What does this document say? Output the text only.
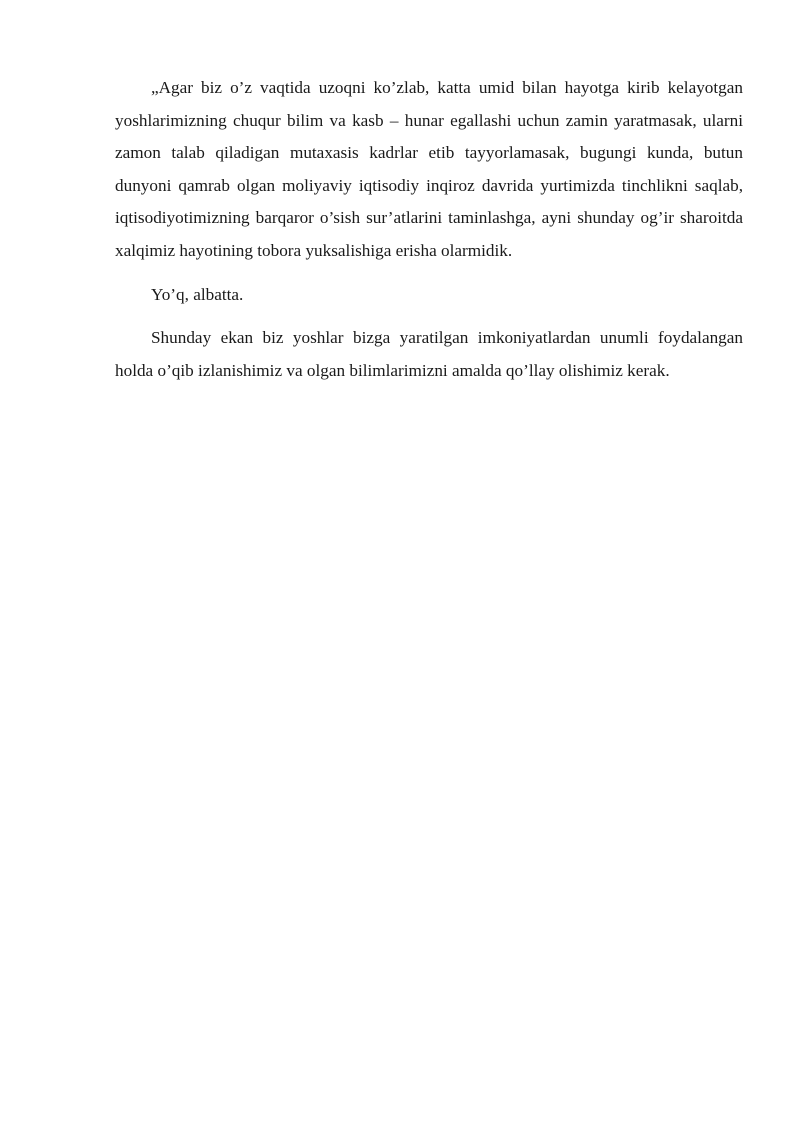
„Agar biz o’z vaqtida uzoqni ko’zlab, katta umid bilan hayotga kirib kelayotgan yoshlarimizning chuqur bilim va kasb – hunar egallashi uchun zamin yaratmasak, ularni zamon talab qiladigan mutaxasis kadrlar etib tayyorlamasak, bugungi kunda, butun dunyoni qamrab olgan moliyaviy iqtisodiy inqiroz davrida yurtimizda tinchlikni saqlab, iqtisodiyotimizning barqaror o’sish sur’atlarini taminlashga, ayni shunday og’ir sharoitda xalqimiz hayotining tobora yuksalishiga erisha olarmidik.

Yo’q, albatta.

Shunday ekan biz yoshlar bizga yaratilgan imkoniyatlardan unumli foydalangan holda o’qib izlanishimiz va olgan bilimlarimizni amalda qo’llay olishimiz kerak.
